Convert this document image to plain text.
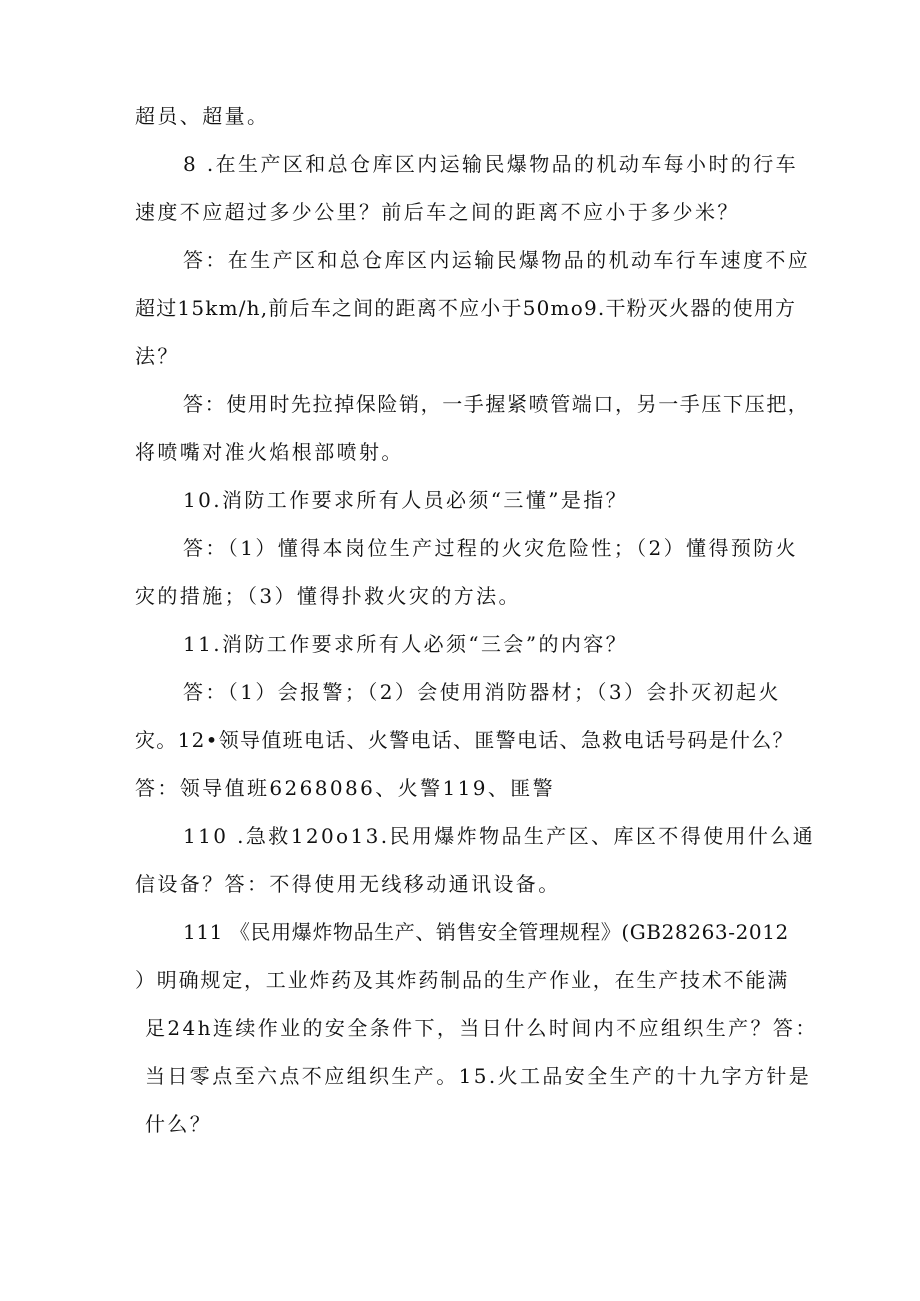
超员、超量。
8 .在生产区和总仓库区内运输民爆物品的机动车每小时的行车
速度不应超过多少公里？前后车之间的距离不应小于多少米？
答：在生产区和总仓库区内运输民爆物品的机动车行车速度不应
超过15km/h,前后车之间的距离不应小于50mo9.干粉灭火器的使用方
法？
答：使用时先拉掉保险销，一手握紧喷管端口，另一手压下压把，
将喷嘴对准火焰根部喷射。
10.消防工作要求所有人员必须“三懂”是指？
答：（1）懂得本岗位生产过程的火灾危险性；（2）懂得预防火
灾的措施；（3）懂得扑救火灾的方法。
11.消防工作要求所有人必须“三会”的内容？
答：（1）会报警；（2）会使用消防器材；（3）会扑灭初起火
灾。12•领导值班电话、火警电话、匪警电话、急救电话号码是什么？
答：领导值班6268086、火警119、匪警
110 .急救120o13.民用爆炸物品生产区、库区不得使用什么通
信设备？答：不得使用无线移动通讯设备。
111 《民用爆炸物品生产、销售安全管理规程》(GB28263-2012
）明确规定，工业炸药及其炸药制品的生产作业，在生产技术不能满
足24h连续作业的安全条件下，当日什么时间内不应组织生产？答：
当日零点至六点不应组织生产。15.火工品安全生产的十九字方针是
什么？
